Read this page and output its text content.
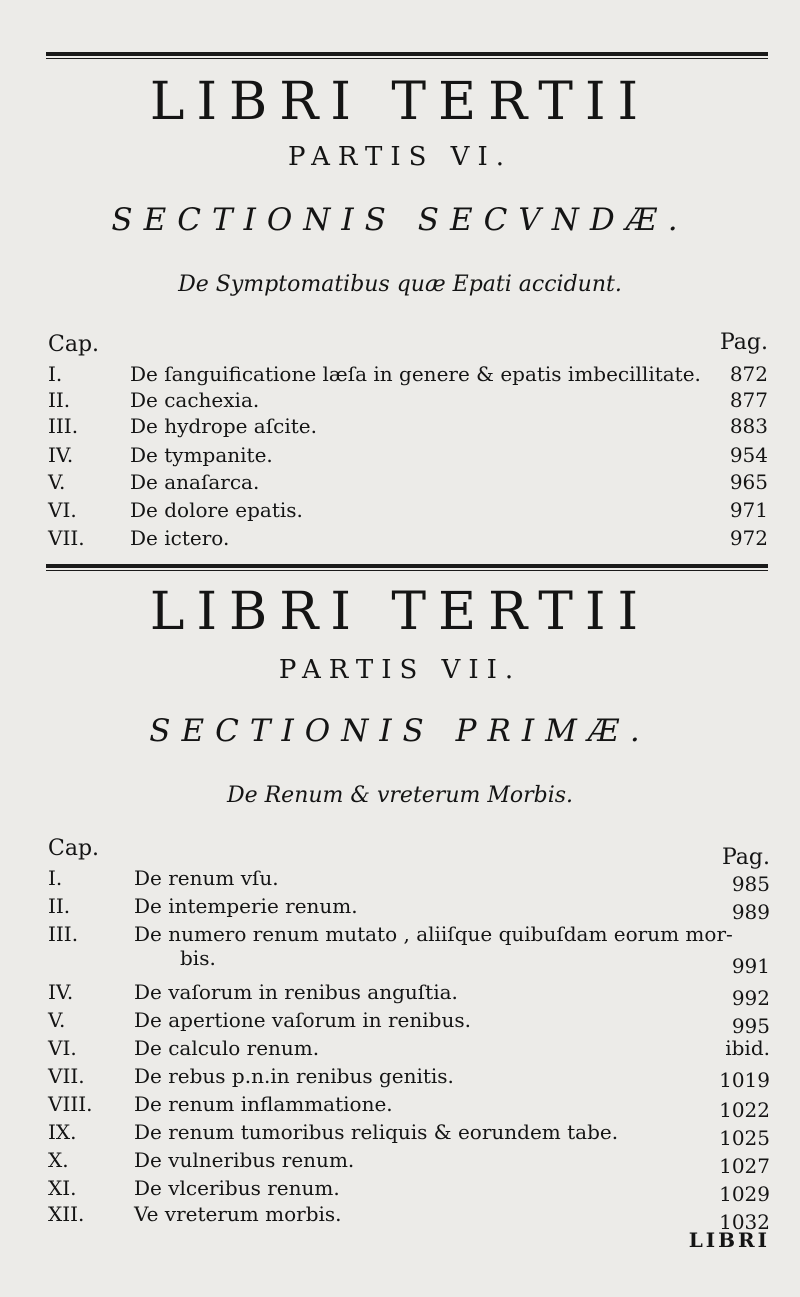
LIBRI TERTII
PARTIS VI.
SECTIONIS SECVNDÆ.
De Symptomatibus quæ Epati accidunt.
Cap.	Pag.
I.	De ſanguificatione læſa in genere & epatis imbecillitate. 872
II.	De cachexia.	877
III.	De hydrope aſcite.	883
IV.	De tympanite.	954
V.	De anaſarca.	965
VI.	De dolore epatis.	971
VII. De ictero.	972
LIBRI TERTII
PARTIS VII.
SECTIONIS PRIMÆ.
De Renum & vreterum Morbis.
Cap.	Pag.
I.	De renum vſu.	985
II.	De intemperie renum.	989
III.	De numero renum mutato , aliiſque quibuſdam eorum mor-
bis.	991
IV.	De vaſorum in renibus anguſtia.	992
V.	De apertione vaſorum in renibus.	995
VI.	De calculo renum.	ibid.
VII. De rebus p.n.in renibus genitis.	1019
VIII. De renum inflammatione.	1022
IX.	De renum tumoribus reliquis & eorundem tabe.	1025
X.	De vulneribus renum.	1027
XI.	De vlceribus renum.	1029
XII. Ve vreterum morbis.	1032
LIBRI
